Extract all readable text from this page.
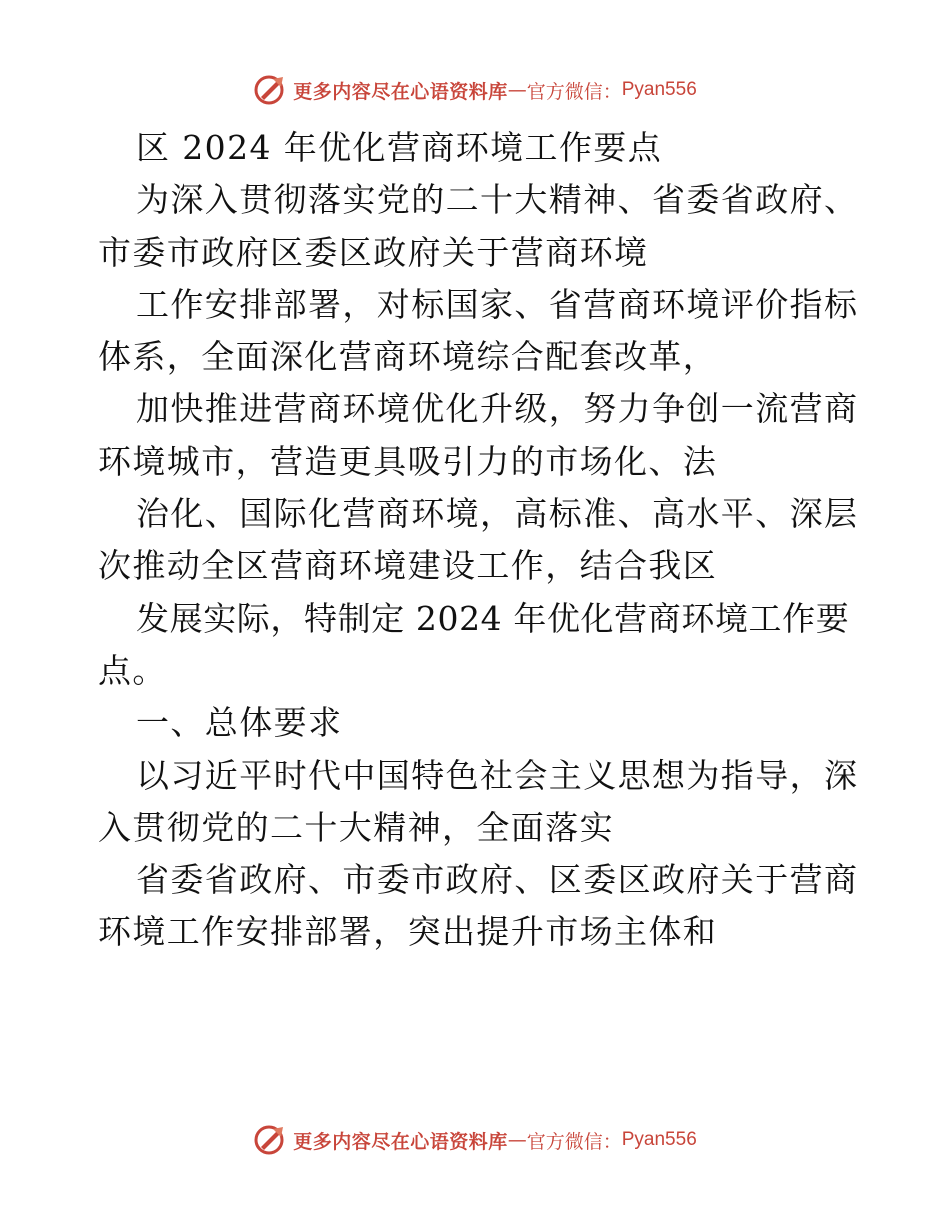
更多内容尽在心语资料库 — 官方微信： Pyan556
区 2024 年优化营商环境工作要点
为深入贯彻落实党的二十大精神、省委省政府、
市委市政府区委区政府关于营商环境
工作安排部署，对标国家、省营商环境评价指标
体系，全面深化营商环境综合配套改革，
加快推进营商环境优化升级，努力争创一流营商
环境城市，营造更具吸引力的市场化、法
治化、国际化营商环境，高标准、高水平、深层
次推动全区营商环境建设工作，结合我区
发展实际，特制定 2024 年优化营商环境工作要
点。
一、总体要求
以习近平时代中国特色社会主义思想为指导，深
入贯彻党的二十大精神，全面落实
省委省政府、市委市政府、区委区政府关于营商
环境工作安排部署，突出提升市场主体和
更多内容尽在心语资料库 — 官方微信： Pyan556
